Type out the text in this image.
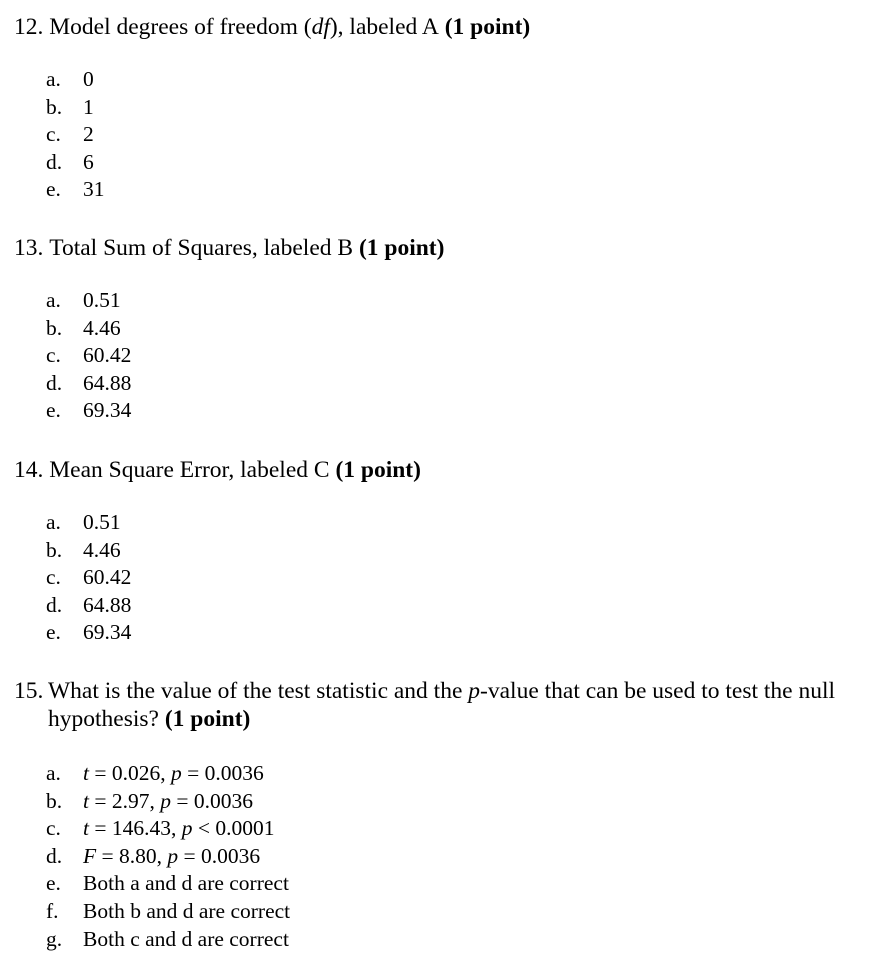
12.
Model degrees of freedom (df), labeled A (1 point)
a.	0
b. 1
c.	2
d. 6
e.	31
13.
Total Sum of Squares, labeled B (1 point)
a.	0.51
b. 4.46
c.	60.42
d. 64.88
e.	69.34
14.
Mean Square Error, labeled C (1 point)
a.	0.51
b. 4.46
c.	60.42
d. 64.88
e.	69.34
15. What is the value of the test statistic and the p-value that can be used to test the null hypothesis? (1 point)
a.	t = 0.026, p = 0.0036
b. t = 2.97, p = 0.0036
c.	t = 146.43, p < 0.0001
d. F = 8.80, p = 0.0036
e.	Both a and d are correct
f.	Both b and d are correct
g. Both c and d are correct
